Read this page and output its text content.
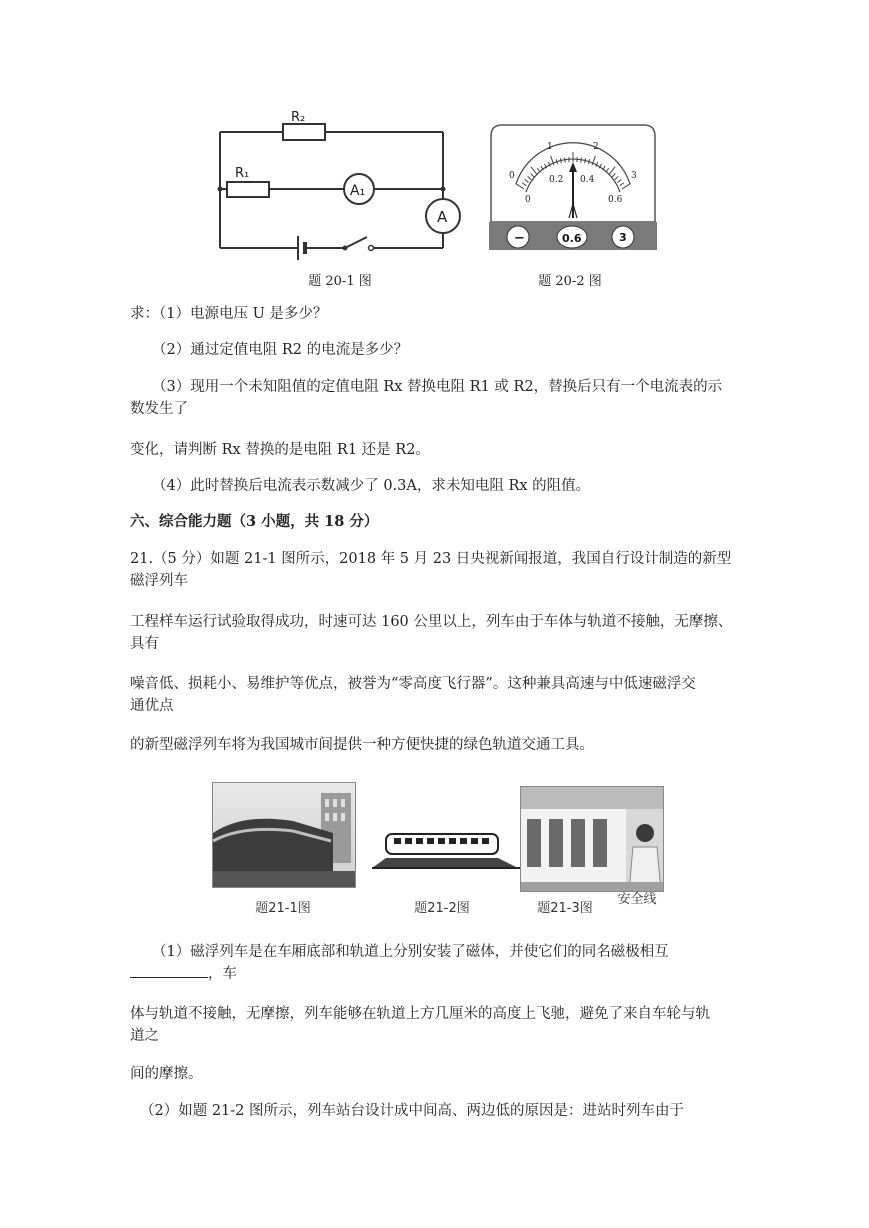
R₂
R₁
A₁
A
题 20-1 图
0
1	2
3
0
0.2 0.4
0.6
−	0.6	3
题 20-2 图
求：（1）电源电压 U 是多少？
（2）通过定值电阻 R2 的电流是多少？
（3）现用一个未知阻值的定值电阻 Rx 替换电阻 R1 或 R2，替换后只有一个电流表的示
数发生了
变化，请判断 Rx 替换的是电阻 R1 还是 R2。
（4）此时替换后电流表示数减少了 0.3A，求未知电阻 Rx 的阻值。
六、综合能力题（3 小题，共 18 分）
21.（5 分）如题 21-1 图所示，2018 年 5 月 23 日央视新闻报道，我国自行设计制造的新型
磁浮列车
工程样车运行试验取得成功，时速可达 160 公里以上，列车由于车体与轨道不接触，无摩擦、
具有
噪音低、损耗小、易维护等优点，被誉为“零高度飞行器”。这种兼具高速与中低速磁浮交
通优点
的新型磁浮列车将为我国城市间提供一种方便快捷的绿色轨道交通工具。
题21-1图	题21-2图	题21-3图
安全线
（1）磁浮列车是在车厢底部和轨道上分别安装了磁体，并使它们的同名磁极相互
，车
体与轨道不接触，无摩擦，列车能够在轨道上方几厘米的高度上飞驰，避免了来自车轮与轨
道之
间的摩擦。
（2）如题 21-2 图所示，列车站台设计成中间高、两边低的原因是：进站时列车由于
